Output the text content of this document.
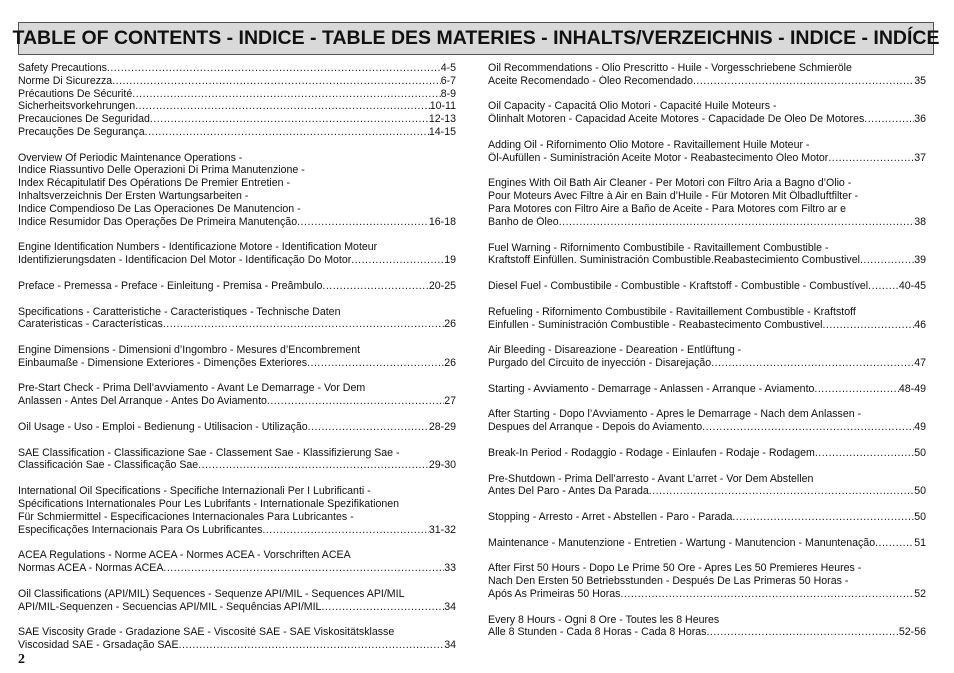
TABLE OF CONTENTS - INDICE - TABLE DES MATERIES - INHALTS/VERZEICHNIS - INDICE - INDÍCE
Safety Precautions .....	4-5
Norme Di Sicurezza .....	6-7
Précautions De Sécurité .....	8-9
Sicherheitsvorkehrungen .....	10-11
Precauciones De Seguridad .....	12-13
Precauções De Segurança .....	14-15
Overview Of Periodic Maintenance Operations -
Indice Riassuntivo Delle Operazioni Di Prima Manutenzione -
Index Récapitulatif Des Opérations De Premier Entretien -
Inhaltsverzeichnis Der Ersten Wartungsarbeiten -
Indice Compendioso De Las Operaciones De Manutencion -
Indice Resumidor Das Operações De Primeira Manutenção .....	16-18
Engine Identification Numbers - Identificazione Motore - Identification Moteur
Identifizierungsdaten - Identificacion Del Motor - Identificação Do Motor .....	19
Preface - Premessa - Preface - Einleitung - Premisa - Preâmbulo .....	20-25
Specifications - Caratteristiche - Caracteristiques - Technische Daten
Carateristicas - Características .....	26
Engine Dimensions - Dimensioni d’Ingombro - Mesures d’Encombrement
Einbaumaße - Dimensione Exteriores - Dimenções Exteriores .....	26
Pre-Start Check - Prima Dell’avviamento - Avant Le Demarrage - Vor Dem
Anlassen - Antes Del Arranque - Antes Do Aviamento .....	27
Oil Usage - Uso - Emploi - Bedienung - Utilisacion - Utilização .....	28-29
SAE Classification - Classificazione Sae - Classement Sae - Klassifizierung Sae -
Classificación Sae - Classificação Sae .....	29-30
International Oil Specifications - Specifiche Internazionali Per I Lubrificanti -
Spécifications Internationales Pour Les Lubrifants - Internationale Spezifikationen
Für Schmiermittel - Especificaciones Internacionales Para Lubricantes -
Especificações Internacionais Para Os Lubrificantes .....	31-32
ACEA Regulations - Norme ACEA - Normes ACEA - Vorschriften ACEA
Normas ACEA - Normas ACEA .....	33
Oil Classifications (API/MIL) Sequences - Sequenze API/MIL - Sequences API/MIL
API/MIL-Sequenzen - Secuencias API/MIL - Sequências API/MIL .....	34
SAE Viscosity Grade - Gradazione SAE - Viscosité SAE - SAE Viskositätsklasse
Viscosidad SAE - Grsadação SAE .....	34
Oil Recommendations - Olio Prescritto - Huile - Vorgesschriebene Schmieröle
Aceite Recomendado - Óleo Recomendado .....	35
Oil Capacity - Capacitá Olio Motori - Capacité Huile Moteurs -
Ölinhalt Motoren - Capacidad Aceite Motores - Capacidade De Oleo De Motores .....	36
Adding Oil - Rifornimento Olio Motore - Ravitaillement Huile Moteur -
Öl-Aufüllen - Suministración Aceite Motor - Reabastecimento Óleo Motor .....	37
Engines With Oil Bath Air Cleaner - Per Motori con Filtro Aria a Bagno d’Olio -
Pour Moteurs Avec Filtre à Air en Bain d’Huile - Für Motoren Mit Ölbadluftfilter -
Para Motores con Filtro Aire a Baño de Aceite - Para Motores com Filtro ar e
Banho de Óleo .....	38
Fuel Warning - Rifornimento Combustibile - Ravitaillement Combustible -
Kraftstoff Einfüllen. Suministración Combustible.Reabastecimiento Combustivel .....	39
Diesel Fuel - Combustibile - Combustible - Kraftstoff - Combustible - Combustível .....	40-45
Refueling - Rifornimento Combustibile - Ravitaillement Combustible - Kraftstoff
Einfullen - Suministración Combustible - Reabastecimento Combustivel .....	46
Air Bleeding - Disareazione - Deareation - Entlüftung -
Purgado del Circuito de inyección - Disarejação .....	47
Starting - Avviamento - Demarrage - Anlassen - Arranque - Aviamento .....	48-49
After Starting - Dopo l’Avviamento - Apres le Demarrage - Nach dem Anlassen -
Despues del Arranque - Depois do Aviamento .....	49
Break-In Period - Rodaggio - Rodage - Einlaufen - Rodaje - Rodagem .....	50
Pre-Shutdown - Prima Dell’arresto - Avant L’arret - Vor Dem Abstellen
Antes Del Paro - Antes Da Parada .....	50
Stopping - Arresto - Arret - Abstellen - Paro - Parada .....	50
Maintenance - Manutenzione - Entretien - Wartung - Manutencion - Manuntenação .....	51
After First 50 Hours - Dopo Le Prime 50 Ore - Apres Les 50 Premieres Heures -
Nach Den Ersten 50 Betriebsstunden - Después De Las Primeras 50 Horas -
Após As Primeiras 50 Horas .....	52
Every 8 Hours - Ogni 8 Ore - Toutes les 8 Heures
Alle 8 Stunden - Cada 8 Horas - Cada 8 Horas .....	52-56
2
